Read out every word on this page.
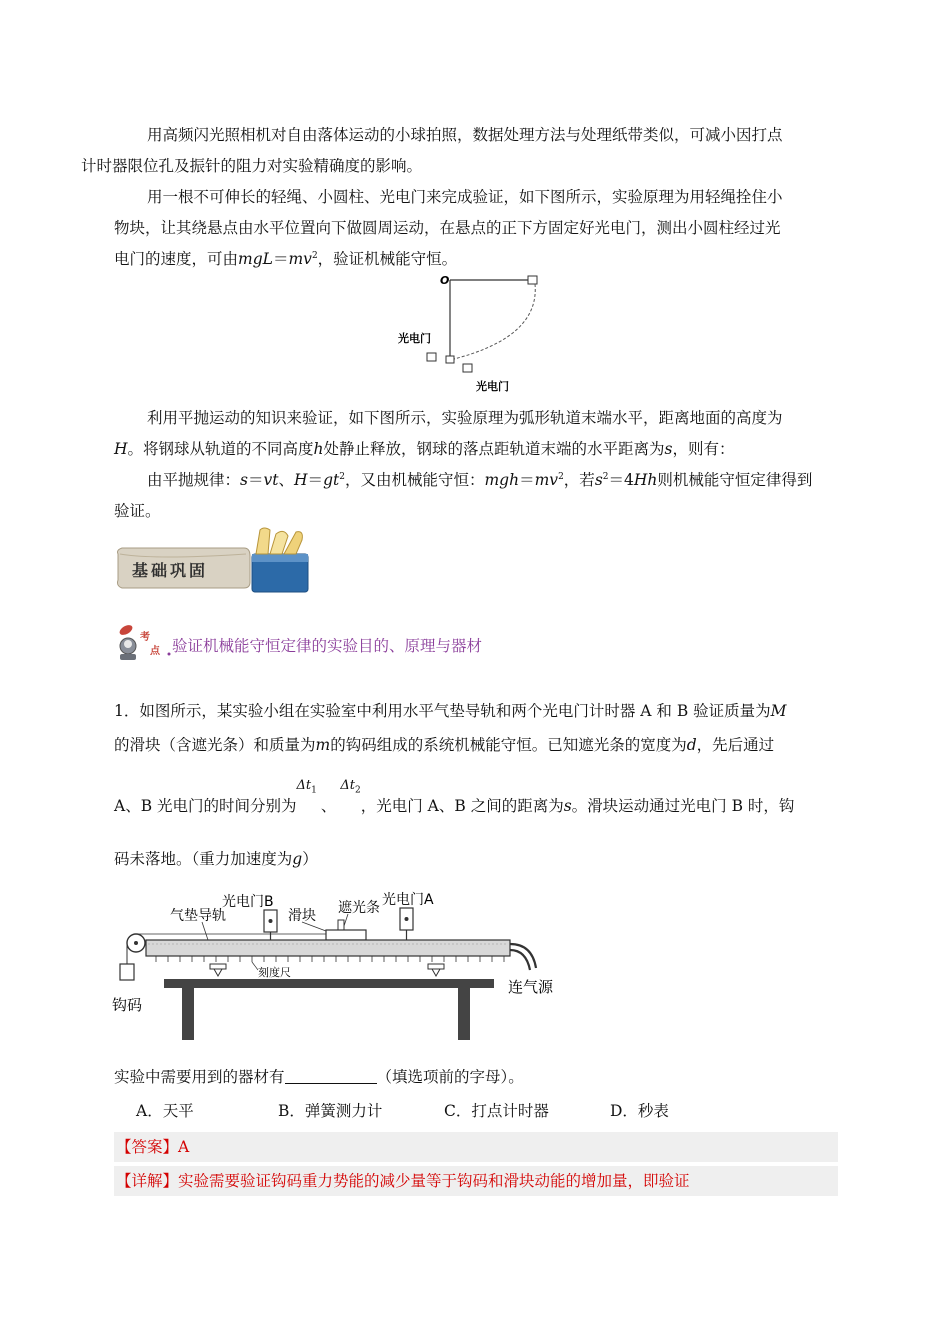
用高频闪光照相机对自由落体运动的小球拍照，数据处理方法与处理纸带类似，可减小因打点
计时器限位孔及振针的阻力对实验精确度的影响。

用一根不可伸长的轻绳、小圆柱、光电门来完成验证，如下图所示，实验原理为用轻绳拴住小
物块，让其绕悬点由水平位置向下做圆周运动，在悬点的正下方固定好光电门，测出小圆柱经过光
电门的速度，可由$mgL=mv^2$，验证机械能守恒。

O
光电门
光电门

利用平抛运动的知识来验证，如下图所示，实验原理为弧形轨道末端水平，距离地面的高度为
H。将钢球从轨道的不同高度h处静止释放，钢球的落点距轨道末端的水平距离为s，则有：

由平抛规律：s＝vt、$H=gt^2$，又由机械能守恒：$mgh=mv^2$，若$s^2=4Hh$则机械能守恒定律得到
验证。

基础巩固
考
点 验证机械能守恒定律的实验目的、原理与器材

1．如图所示，某实验小组在实验室中利用水平气垫导轨和两个光电门计时器 A 和 B 验证质量为M
的滑块（含遮光条）和质量为m的钩码组成的系统机械能守恒。已知遮光条的宽度为d，先后通过

A、B 光电门的时间分别为$^{\Delta t_1}$、$^{\Delta t_2}$，光电门 A、B 之间的距离为s。滑块运动通过光电门 B 时，钩

码未落地。（重力加速度为g）

光电门B	光电门A
气垫导轨	滑块 遮光条
刻度尺
钩码
连气源

实验中需要用到的器材有	（填选项前的字母）。

A．天平	B．弹簧测力计	C．打点计时器	D．秒表
【答案】A
【详解】实验需要验证钩码重力势能的减少量等于钩码和滑块动能的增加量，即验证
